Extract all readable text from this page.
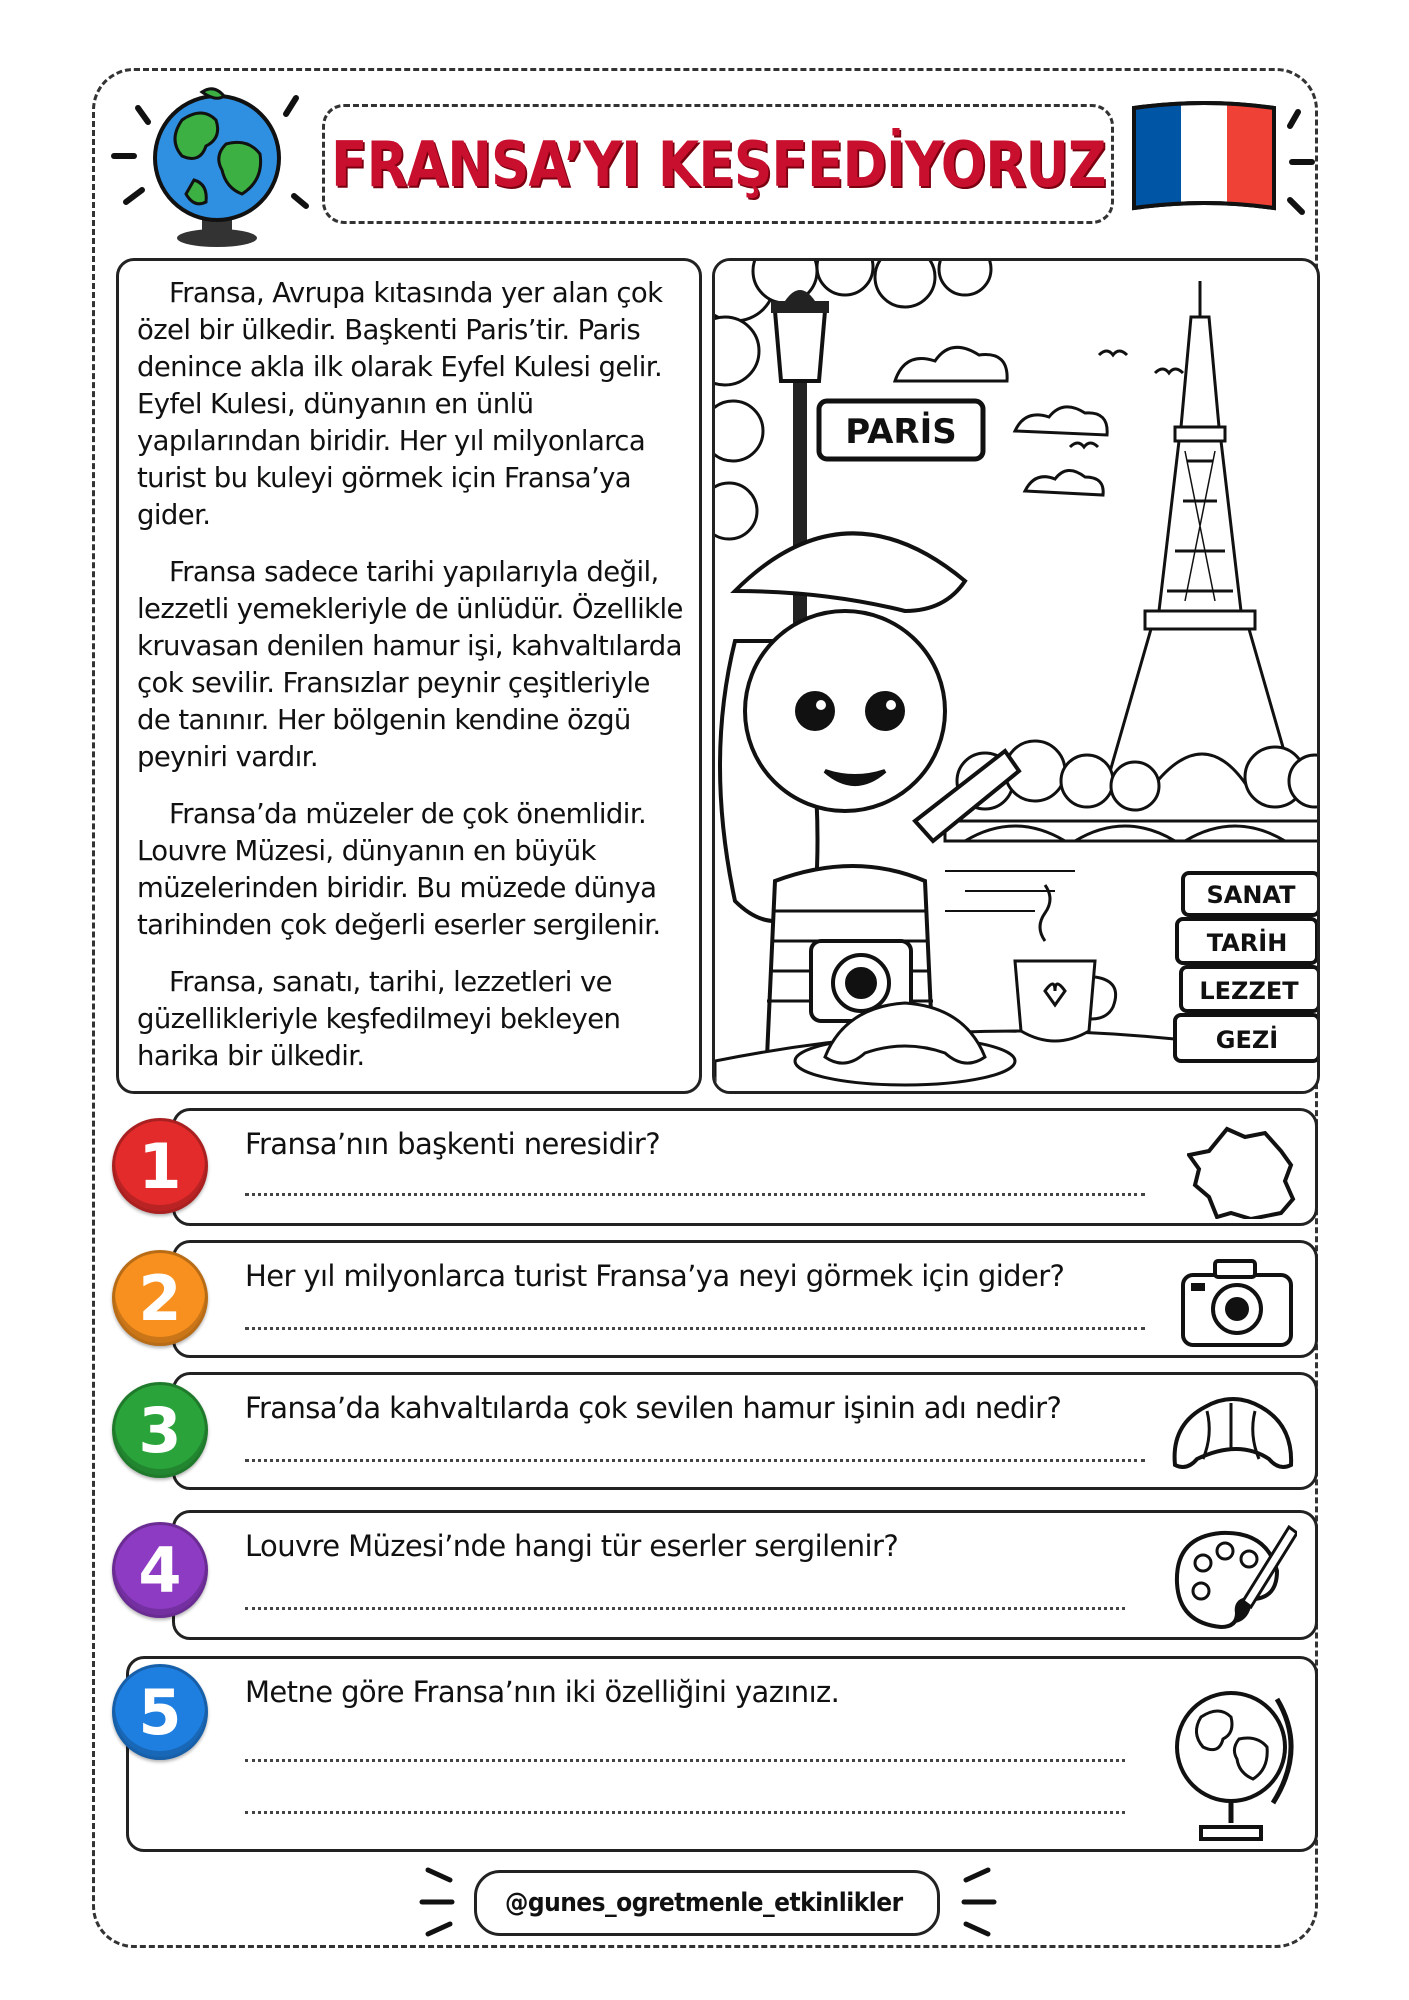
FRANSA’YI KEŞFEDİYORUZ

Fransa, Avrupa kıtasında yer alan çok özel bir ülkedir. Başkenti Paris’tir. Paris denince akla ilk olarak Eyfel Kulesi gelir. Eyfel Kulesi, dünyanın en ünlü yapılarından biridir. Her yıl milyonlarca turist bu kuleyi görmek için Fransa’ya gider.

Fransa sadece tarihi yapılarıyla değil, lezzetli yemekleriyle de ünlüdür. Özellikle kruvasan denilen hamur işi, kahvaltılarda çok sevilir. Fransızlar peynir çeşitleriyle de tanınır. Her bölgenin kendine özgü peyniri vardır.

Fransa’da müzeler de çok önemlidir. Louvre Müzesi, dünyanın en büyük müzelerinden biridir. Bu müzede dünya tarihinden çok değerli eserler sergilenir.

Fransa, sanatı, tarihi, lezzetleri ve güzellikleriyle keşfedilmeyi bekleyen harika bir ülkedir.

PARİS
SANAT
TARİH
LEZZET
GEZİ
Fransa’nın başkenti neresidir?
1
Her yıl milyonlarca turist Fransa’ya neyi görmek için gider?
2
Fransa’da kahvaltılarda çok sevilen hamur işinin adı nedir?
3
Louvre Müzesi’nde hangi tür eserler sergilenir?
4
Metne göre Fransa’nın iki özelliğini yazınız.
5
@gunes_ogretmenle_etkinlikler
